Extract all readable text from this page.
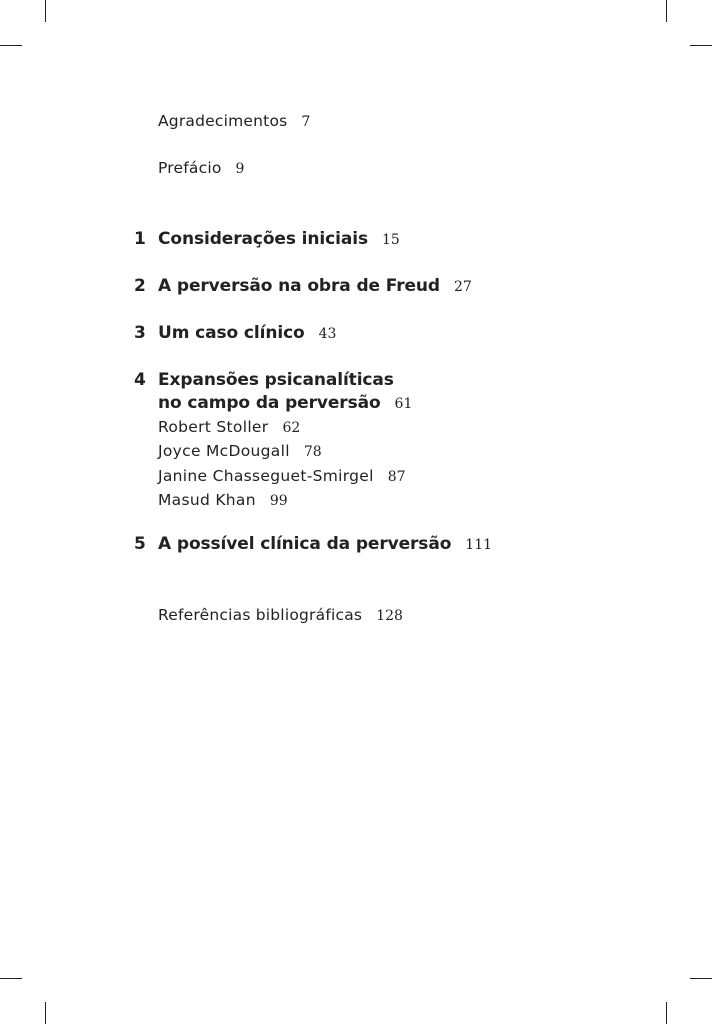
Agradecimentos 7
Prefácio 9
1 Considerações iniciais 15
2 A perversão na obra de Freud 27
3 Um caso clínico 43
4 Expansões psicanalíticas
no campo da perversão 61
Robert Stoller 62
Joyce McDougall 78
Janine Chasseguet-Smirgel 87
Masud Khan 99
5 A possível clínica da perversão 111
Referências bibliográficas 128
